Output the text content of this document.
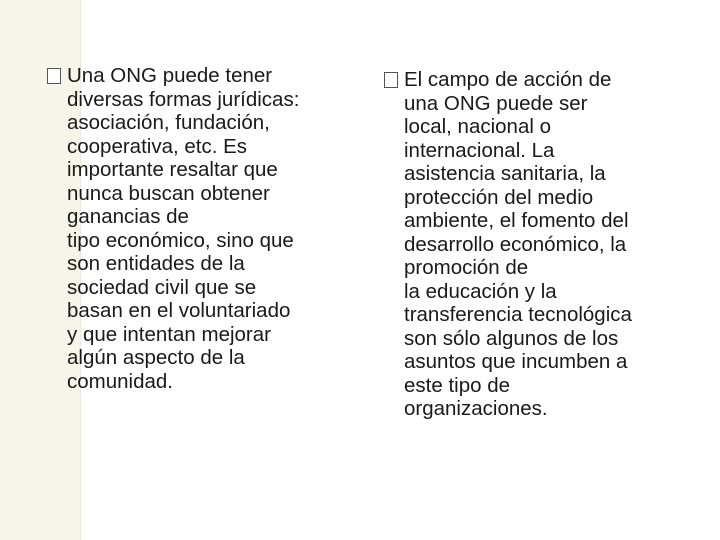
Una ONG puede tener
diversas formas jurídicas:
asociación, fundación,
cooperativa, etc. Es
importante resaltar que
nunca buscan obtener
ganancias de
tipo económico, sino que
son entidades de la
sociedad civil que se
basan en el voluntariado
y que intentan mejorar
algún aspecto de la
comunidad.
El campo de acción de
una ONG puede ser
local, nacional o
internacional. La
asistencia sanitaria, la
protección del medio
ambiente, el fomento del
desarrollo económico, la
promoción de
la educación y la
transferencia tecnológica
son sólo algunos de los
asuntos que incumben a
este tipo de
organizaciones.
